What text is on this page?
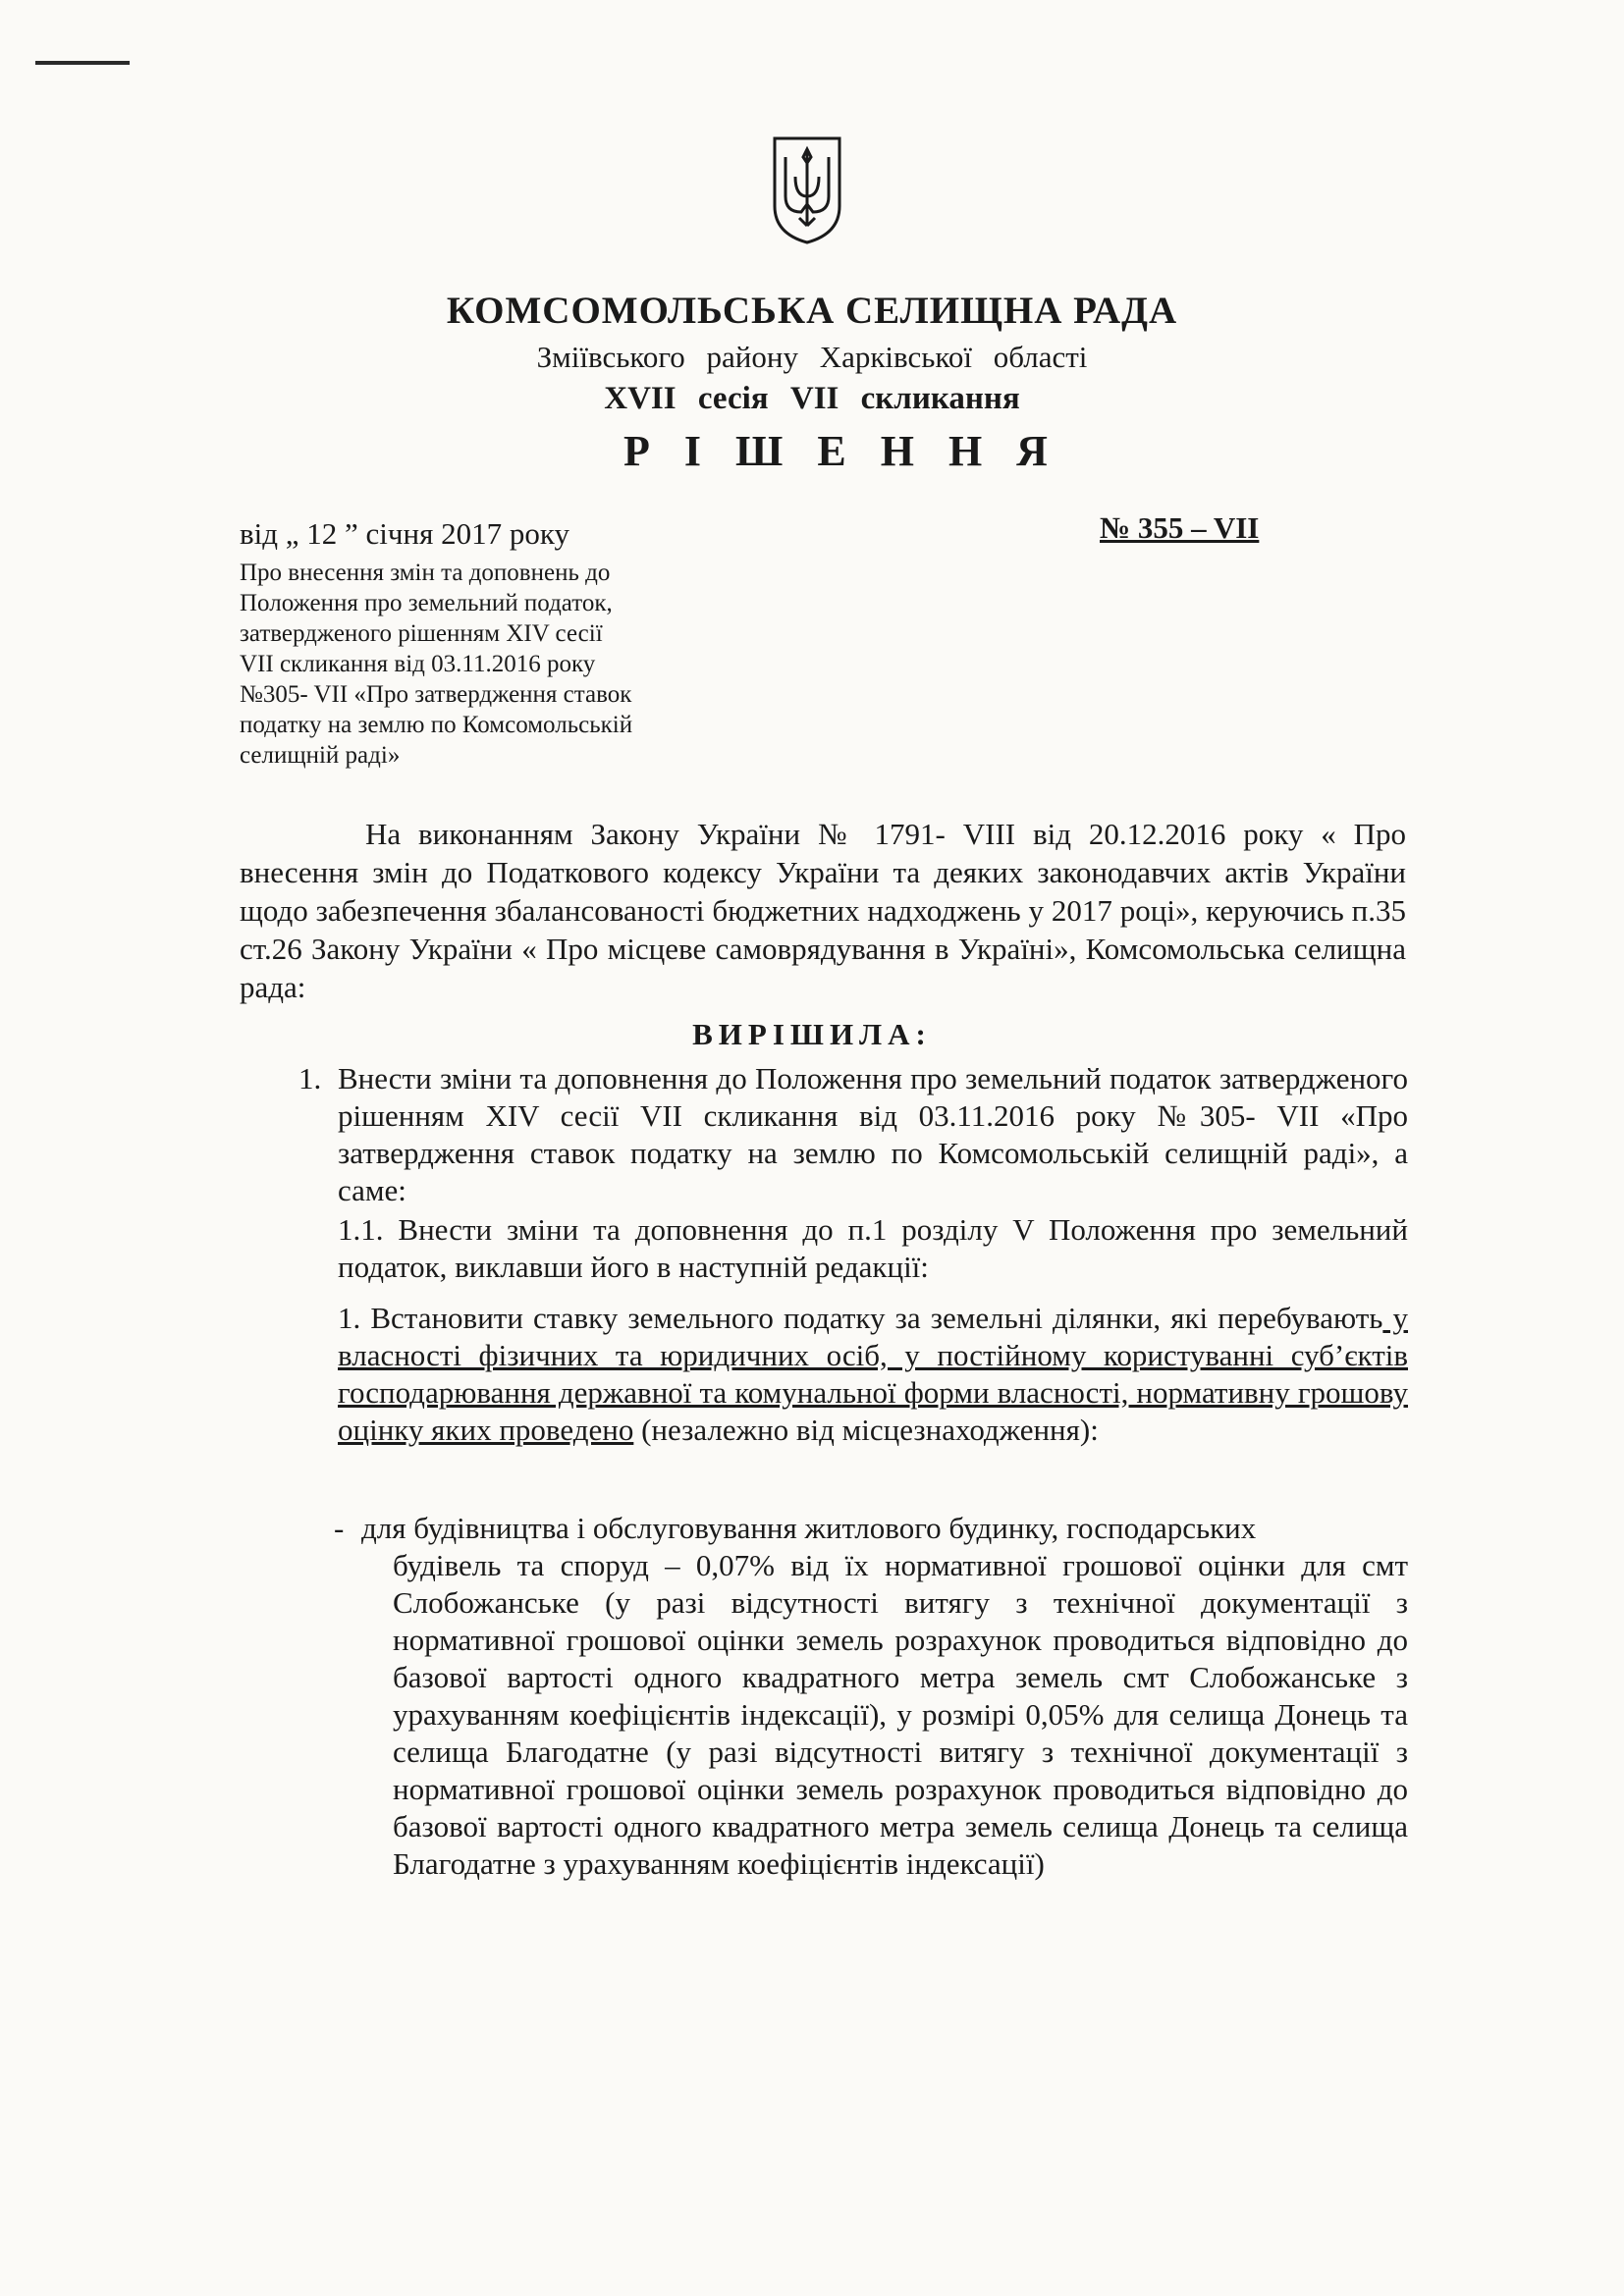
КОМСОМОЛЬСЬКА СЕЛИЩНА РАДА
Зміївського району Харківської області
XVII сесія VII скликання
Р І Ш Е Н Н Я
від „ 12 ” січня 2017 року	№ 355 – VII
Про внесення змін та доповнень до
Положення про земельний податок,
затвердженого рішенням XIV сесії
VII скликання від 03.11.2016 року
№305- VII «Про затвердження ставок
податку на землю по Комсомольській
селищній раді»
На виконанням Закону України № 1791- VIII від 20.12.2016 року « Про внесення змін до Податкового кодексу України та деяких законодавчих актів України щодо забезпечення збалансованості бюджетних надходжень у 2017 році», керуючись п.35 ст.26 Закону України « Про місцеве самоврядування в Україні», Комсомольська селищна рада:
ВИРІШИЛА:
1. Внести зміни та доповнення до Положення про земельний податок затвердженого рішенням XIV сесії VII скликання від 03.11.2016 року №305- VII «Про затвердження ставок податку на землю по Комсомольській селищній раді», а саме:
1.1. Внести зміни та доповнення до п.1 розділу V Положення про земельний податок, виклавши його в наступній редакції:
1. Встановити ставку земельного податку за земельні ділянки, які перебувають у власності фізичних та юридичних осіб, у постійному користуванні суб’єктів господарювання державної та комунальної форми власності, нормативну грошову оцінку яких проведено (незалежно від місцезнаходження):
- для будівництва і обслуговування житлового будинку, господарських
будівель та споруд – 0,07% від їх нормативної грошової оцінки для смт Слобожанське (у разі відсутності витягу з технічної документації з нормативної грошової оцінки земель розрахунок проводиться відповідно до базової вартості одного квадратного метра земель смт Слобожанське з урахуванням коефіцієнтів індексації), у розмірі 0,05% для селища Донець та селища Благодатне (у разі відсутності витягу з технічної документації з нормативної грошової оцінки земель розрахунок проводиться відповідно до базової вартості одного квадратного метра земель селища Донець та селища Благодатне з урахуванням коефіцієнтів індексації)
